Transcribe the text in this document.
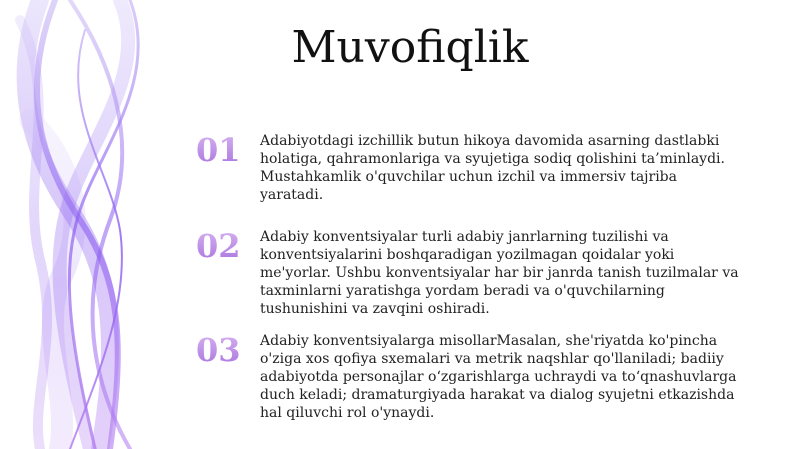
Muvofiqlik
01	Adabiyotdagi izchillik butun hikoya davomida asarning dastlabki holatiga, qahramonlariga va syujetiga sodiq qolishini ta’minlaydi. Mustahkamlik o'quvchilar uchun izchil va immersiv tajriba yaratadi.
02	Adabiy konventsiyalar turli adabiy janrlarning tuzilishi va konventsiyalarini boshqaradigan yozilmagan qoidalar yoki me'yorlar. Ushbu konventsiyalar har bir janrda tanish tuzilmalar va taxminlarni yaratishga yordam beradi va o'quvchilarning tushunishini va zavqini oshiradi.
03	Adabiy konventsiyalarga misollarMasalan, she'riyatda ko'pincha o'ziga xos qofiya sxemalari va metrik naqshlar qo'llaniladi; badiiy adabiyotda personajlar o‘zgarishlarga uchraydi va to‘qnashuvlarga duch keladi; dramaturgiyada harakat va dialog syujetni etkazishda hal qiluvchi rol o'ynaydi.
